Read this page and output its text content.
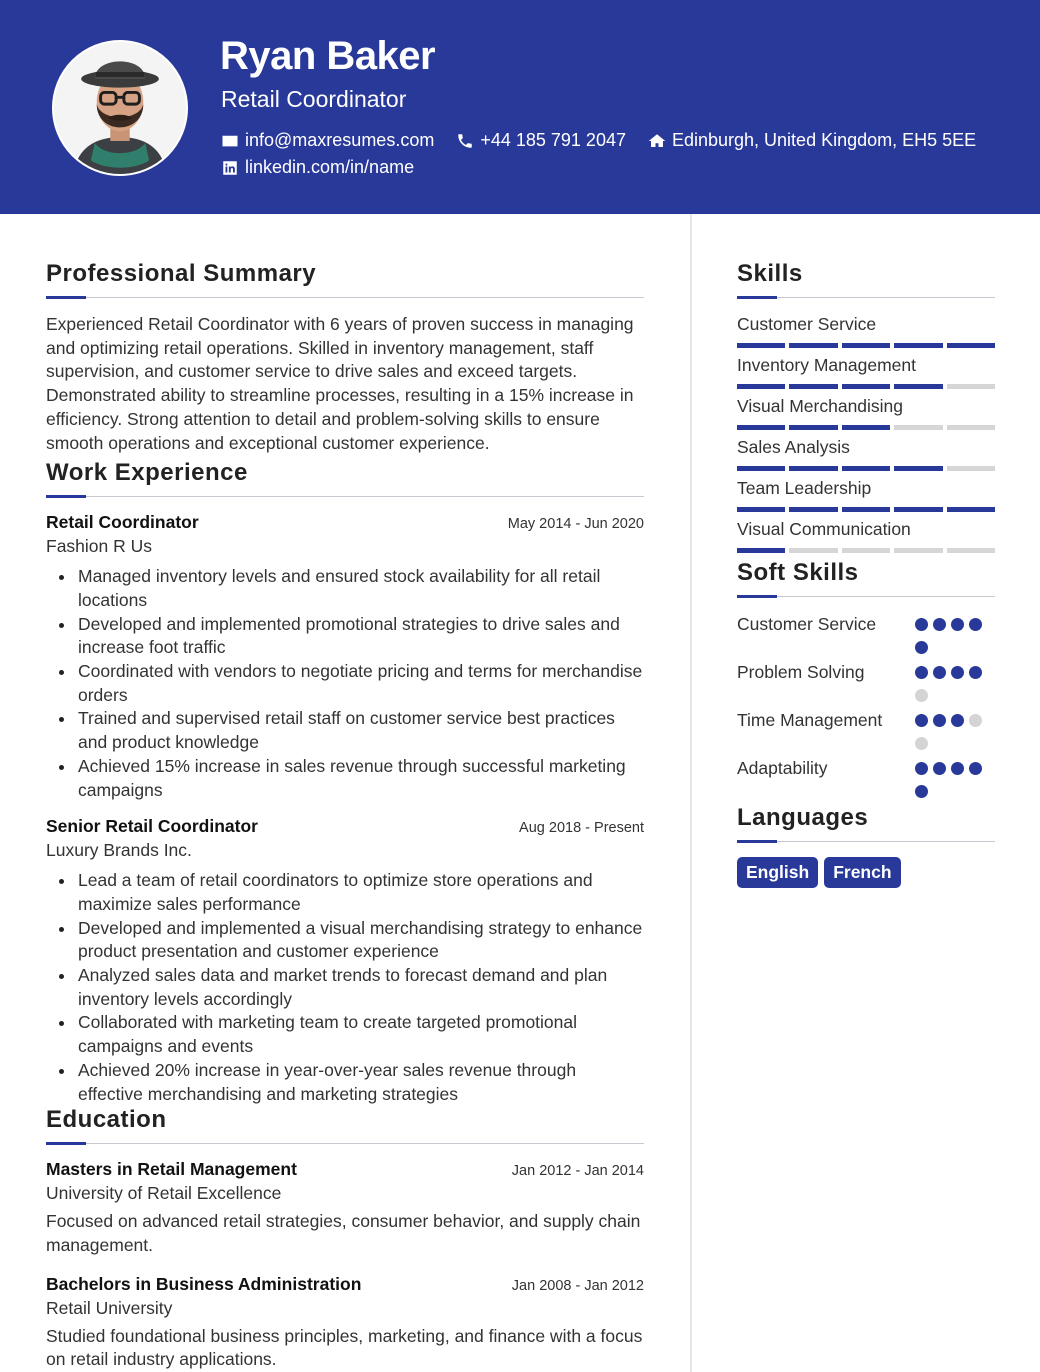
Ryan Baker
Retail Coordinator
info@maxresumes.com	+44 185 791 2047	Edinburgh, United Kingdom, EH5 5EE
linkedin.com/in/name
Professional Summary
Experienced Retail Coordinator with 6 years of proven success in managing and optimizing retail operations. Skilled in inventory management, staff supervision, and customer service to drive sales and exceed targets. Demonstrated ability to streamline processes, resulting in a 15% increase in efficiency. Strong attention to detail and problem-solving skills to ensure smooth operations and exceptional customer experience.
Work Experience
Retail Coordinator	May 2014 - Jun 2020
Fashion R Us
Managed inventory levels and ensured stock availability for all retail locations
Developed and implemented promotional strategies to drive sales and increase foot traffic
Coordinated with vendors to negotiate pricing and terms for merchandise orders
Trained and supervised retail staff on customer service best practices and product knowledge
Achieved 15% increase in sales revenue through successful marketing campaigns
Senior Retail Coordinator	Aug 2018 - Present
Luxury Brands Inc.
Lead a team of retail coordinators to optimize store operations and maximize sales performance
Developed and implemented a visual merchandising strategy to enhance product presentation and customer experience
Analyzed sales data and market trends to forecast demand and plan inventory levels accordingly
Collaborated with marketing team to create targeted promotional campaigns and events
Achieved 20% increase in year-over-year sales revenue through effective merchandising and marketing strategies
Education
Masters in Retail Management	Jan 2012 - Jan 2014
University of Retail Excellence
Focused on advanced retail strategies, consumer behavior, and supply chain management.
Bachelors in Business Administration	Jan 2008 - Jan 2012
Retail University
Studied foundational business principles, marketing, and finance with a focus on retail industry applications.
Skills
Customer Service
Inventory Management
Visual Merchandising
Sales Analysis
Team Leadership
Visual Communication
Soft Skills
Customer Service
Problem Solving
Time Management
Adaptability
Languages
English	French
